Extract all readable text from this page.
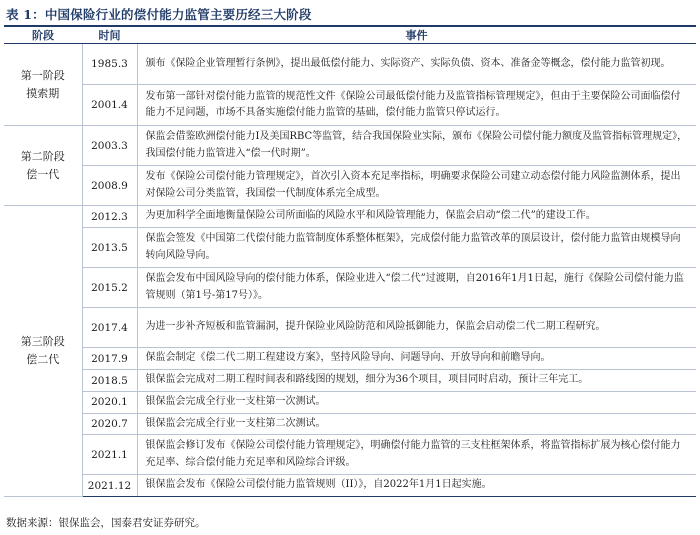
表 1：中国保险行业的偿付能力监管主要历经三大阶段
阶段	时间	事件

第一阶段
摸索期	1985.3	颁布《保险企业管理暂行条例》，提出最低偿付能力、实际资产、实际负债、资本、准备金等概念，偿付能力监管初现。
	2001.4	发布第一部针对偿付能力监管的规范性文件《保险公司最低偿付能力及监管指标管理规定》，但由于主要保险公司面临偿付能力不足问题，市场不具备实施偿付能力监管的基础，偿付能力监管只停试运行。

第二阶段
偿一代	2003.3	保监会借鉴欧洲偿付能力I及美国RBC等监管，结合我国保险业实际，颁布《保险公司偿付能力额度及监管指标管理规定》，我国偿付能力监管进入“偿一代时期”。
	2008.9	发布《保险公司偿付能力管理规定》，首次引入资本充足率指标，明确要求保险公司建立动态偿付能力风险监测体系，提出对保险公司分类监管，我国偿一代制度体系完全成型。

第三阶段
偿二代	2012.3	为更加科学全面地衡量保险公司所面临的风险水平和风险管理能力，保监会启动“偿二代”的建设工作。
	2013.5	保监会签发《中国第二代偿付能力监管制度体系整体框架》，完成偿付能力监管改革的顶层设计，偿付能力监管由规模导向转向风险导向。
	2015.2	保监会发布中国风险导向的偿付能力体系，保险业进入“偿二代”过渡期，自2016年1月1日起，施行《保险公司偿付能力监管规则（第1号-第17号）》。
	2017.4	为进一步补齐短板和监管漏洞，提升保险业风险防范和风险抵御能力，保监会启动偿二代二期工程研究。
	2017.9	保监会制定《偿二代二期工程建设方案》，坚持风险导向、问题导向、开放导向和前瞻导向。
	2018.5	银保监会完成对二期工程时间表和路线图的规划，细分为36个项目，项目同时启动，预计三年完工。
	2020.1	银保监会完成全行业一支柱第一次测试。
	2020.7	银保监会完成全行业一支柱第二次测试。
	2021.1	银保监会修订发布《保险公司偿付能力管理规定》，明确偿付能力监管的三支柱框架体系，将监管指标扩展为核心偿付能力充足率、综合偿付能力充足率和风险综合评级。
	2021.12	银保监会发布《保险公司偿付能力监管规则（II）》，自2022年1月1日起实施。
数据来源：银保监会，国泰君安证券研究。
